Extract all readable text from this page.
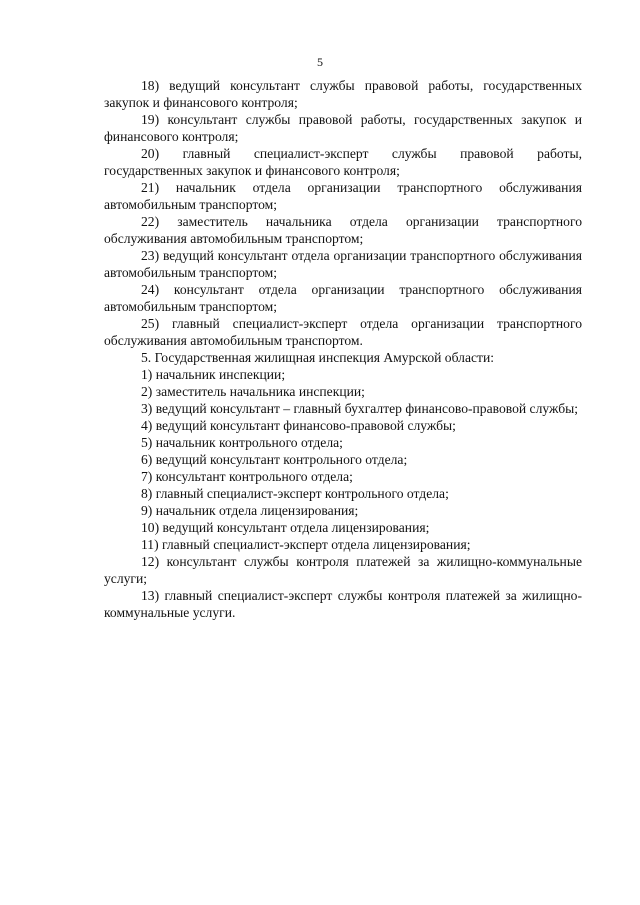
5

18) ведущий консультант службы правовой работы, государственных закупок и финансового контроля;

19) консультант службы правовой работы, государственных закупок и финансового контроля;

20) главный специалист-эксперт службы правовой работы, государственных закупок и финансового контроля;

21) начальник отдела организации транспортного обслуживания автомобильным транспортом;

22) заместитель начальника отдела организации транспортного обслуживания автомобильным транспортом;

23) ведущий консультант отдела организации транспортного обслуживания автомобильным транспортом;

24) консультант отдела организации транспортного обслуживания автомобильным транспортом;

25) главный специалист-эксперт отдела организации транспортного обслуживания автомобильным транспортом.

5. Государственная жилищная инспекция Амурской области:

1) начальник инспекции;

2) заместитель начальника инспекции;

3) ведущий консультант – главный бухгалтер финансово-правовой службы;

4) ведущий консультант финансово-правовой службы;

5) начальник контрольного отдела;

6) ведущий консультант контрольного отдела;

7) консультант контрольного отдела;

8) главный специалист-эксперт контрольного отдела;

9) начальник отдела лицензирования;

10) ведущий консультант отдела лицензирования;

11) главный специалист-эксперт отдела лицензирования;

12) консультант службы контроля платежей за жилищно-коммунальные услуги;

13) главный специалист-эксперт службы контроля платежей за жилищно-коммунальные услуги.
